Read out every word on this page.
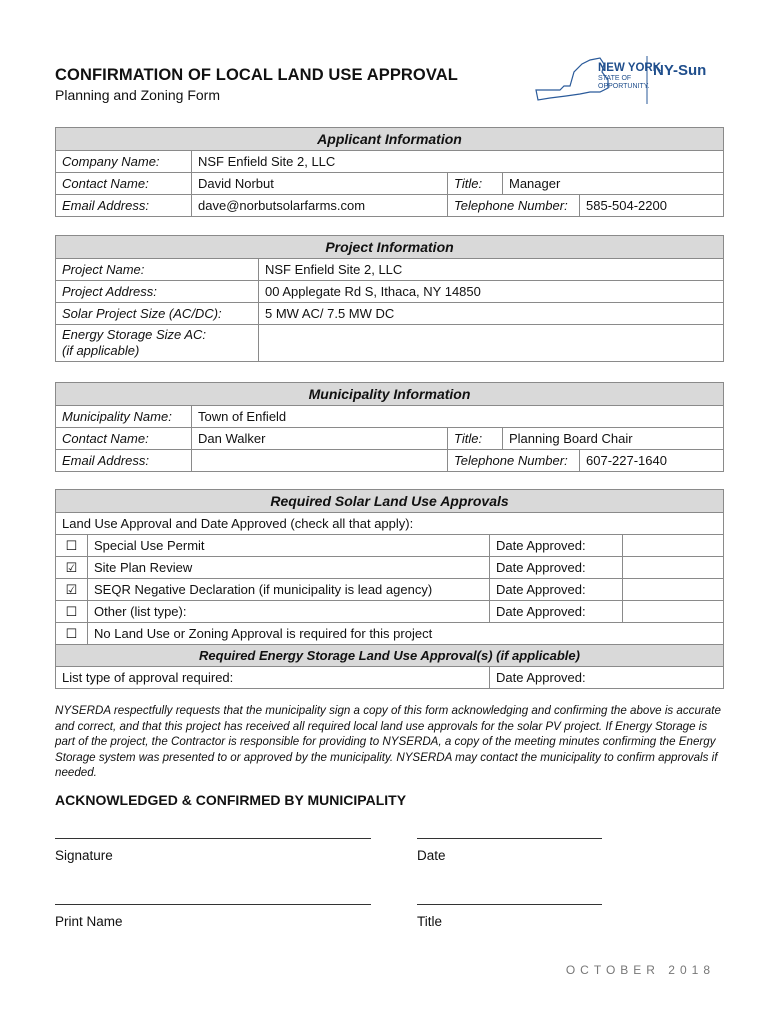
CONFIRMATION OF LOCAL LAND USE APPROVAL
Planning and Zoning Form
NEW YORK
STATE OF
OPPORTUNITY.
NY-Sun
Applicant Information				
Company Name:	NSF Enfield Site 2, LLC			
Contact Name:	David Norbut	Title:	Manager	
Email Address:	dave@norbutsolarfarms.com	Telephone Number:		585-504-2200
Project Information	
Project Name:	NSF Enfield Site 2, LLC
Project Address:	00 Applegate Rd S, Ithaca, NY 14850
Solar Project Size (AC/DC):	5 MW AC/ 7.5 MW DC

Energy Storage Size AC:
(if applicable)	

Municipality Information				
Municipality Name:	Town of Enfield			
Contact Name:	Dan Walker	Title:	Planning Board Chair	
Email Address:		Telephone Number:		607-227-1640
Required Solar Land Use Approvals			
Land Use Approval and Date Approved (check all that apply):			
☐	Special Use Permit	Date Approved:	
☑	Site Plan Review	Date Approved:	
☑	SEQR Negative Declaration (if municipality is lead agency)	Date Approved:	
☐	Other (list type):	Date Approved:	
☐	No Land Use or Zoning Approval is required for this project		
Required Energy Storage Land Use Approval(s) (if applicable)			
List type of approval required:		Date Approved:	
NYSERDA respectfully requests that the municipality sign a copy of this form acknowledging and confirming the above is accurate and correct, and that this project has received all required local land use approvals for the solar PV project. If Energy Storage is part of the project, the Contractor is responsible for providing to NYSERDA, a copy of the meeting minutes confirming the Energy Storage system was presented to or approved by the municipality. NYSERDA may contact the municipality to confirm approvals if needed.
ACKNOWLEDGED & CONFIRMED BY MUNICIPALITY
Signature	Date
Print Name	Title
OCTOBER 2018
